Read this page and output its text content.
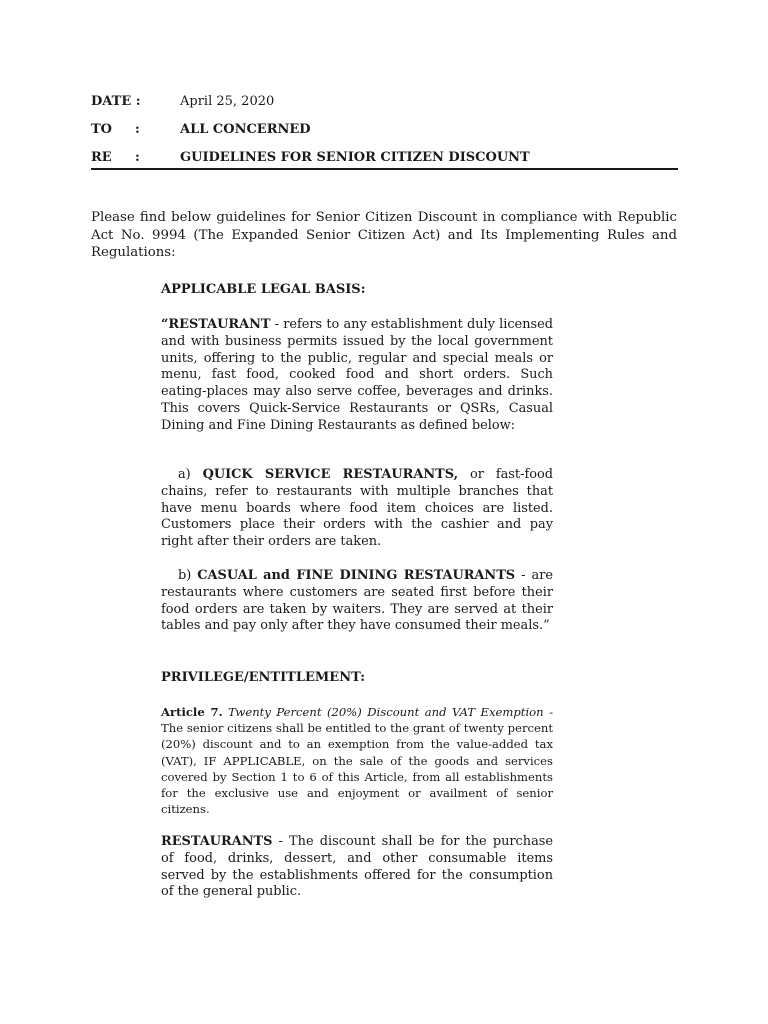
DATE :	April 25, 2020
TO :	ALL CONCERNED
RE :	GUIDELINES FOR SENIOR CITIZEN DISCOUNT

Please find below guidelines for Senior Citizen Discount in compliance with Republic Act No. 9994 (The Expanded Senior Citizen Act) and Its Implementing Rules and Regulations:

APPLICABLE LEGAL BASIS:

“RESTAURANT - refers to any establishment duly licensed and with business permits issued by the local government units, offering to the public, regular and special meals or menu, fast food, cooked food and short orders. Such eating-places may also serve coffee, beverages and drinks. This covers Quick-Service Restaurants or QSRs, Casual Dining and Fine Dining Restaurants as defined below:

a) QUICK SERVICE RESTAURANTS, or fast-food chains, refer to restaurants with multiple branches that have menu boards where food item choices are listed. Customers place their orders with the cashier and pay right after their orders are taken.

b) CASUAL and FINE DINING RESTAURANTS - are restaurants where customers are seated first before their food orders are taken by waiters. They are served at their tables and pay only after they have consumed their meals.”

PRIVILEGE/ENTITLEMENT:

Article 7. Twenty Percent (20%) Discount and VAT Exemption - The senior citizens shall be entitled to the grant of twenty percent (20%) discount and to an exemption from the value-added tax (VAT), IF APPLICABLE, on the sale of the goods and services covered by Section 1 to 6 of this Article, from all establishments for the exclusive use and enjoyment or availment of senior citizens.

RESTAURANTS - The discount shall be for the purchase of food, drinks, dessert, and other consumable items served by the establishments offered for the consumption of the general public.
